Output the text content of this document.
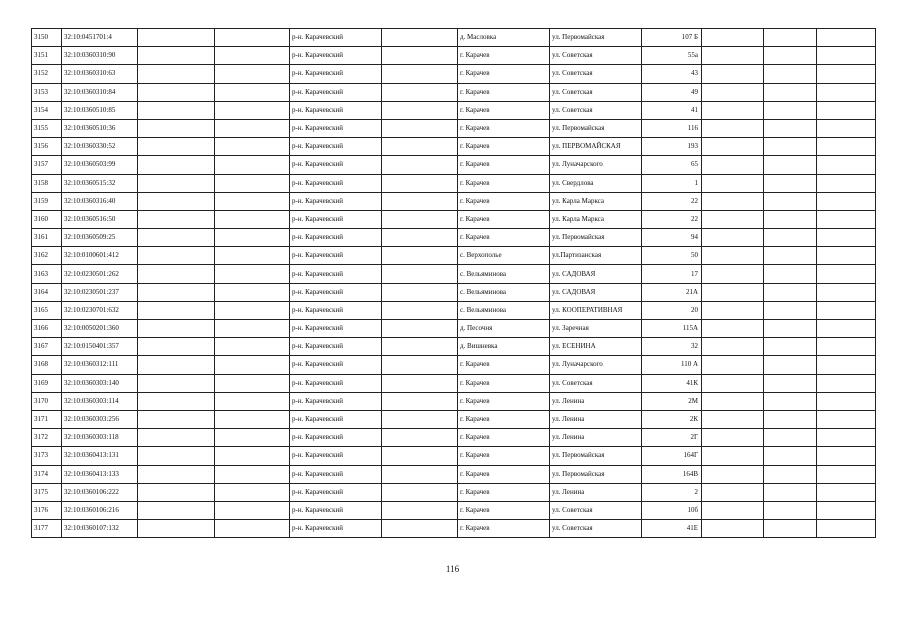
3150	32:10:0451701:4			р-н. Карачевский		д. Масловка	ул. Первомайская	107 Б			
3151	32:10:0360310:90			р-н. Карачевский		г. Карачев	ул. Советская	55а			
3152	32:10:0360310:63			р-н. Карачевский		г. Карачев	ул. Советская	43			
3153	32:10:0360310:84			р-н. Карачевский		г. Карачев	ул. Советская	49			
3154	32:10:0360510:85			р-н. Карачевский		г. Карачев	ул. Советская	41			
3155	32:10:0360510:36			р-н. Карачевский		г. Карачев	ул. Первомайская	116			
3156	32:10:0360330:52			р-н. Карачевский		г. Карачев	ул. ПЕРВОМАЙСКАЯ	193			
3157	32:10:0360503:99			р-н. Карачевский		г. Карачев	ул. Луначарского	65			
3158	32:10:0360515:32			р-н. Карачевский		г. Карачев	ул. Свердлова	1			
3159	32:10:0360316:40			р-н. Карачевский		г. Карачев	ул. Карла Маркса	22			
3160	32:10:0360516:50			р-н. Карачевский		г. Карачев	ул. Карла Маркса	22			
3161	32:10:0360509:25			р-н. Карачевский		г. Карачев	ул. Первомайская	94			
3162	32:10:0100601:412			р-н. Карачевский		с. Верхополье	ул.Партизанская	50			
3163	32:10:0230501:262			р-н. Карачевский		с. Вельяминова	ул. САДОВАЯ	17			
3164	32:10:0230501:237			р-н. Карачевский		с. Вельяминова	ул. САДОВАЯ	21А			
3165	32:10:0230701:632			р-н. Карачевский		с. Вельяминова	ул. КООПЕРАТИВНАЯ	20			
3166	32:10:0050201:360			р-н. Карачевский		д. Песочня	ул. Заречная	115А			
3167	32:10:0150401:357			р-н. Карачевский		д. Вишневка	ул. ЕСЕНИНА	32			
3168	32:10:0360312:111			р-н. Карачевский		г. Карачев	ул. Луначарского	110 А			
3169	32:10:0360303:140			р-н. Карачевский		г. Карачев	ул. Советская	41К			
3170	32:10:0360303:114			р-н. Карачевский		г. Карачев	ул. Ленина	2М			
3171	32:10:0360303:256			р-н. Карачевский		г. Карачев	ул. Ленина	2К			
3172	32:10:0360303:118			р-н. Карачевский		г. Карачев	ул. Ленина	2Г			
3173	32:10:0360413:131			р-н. Карачевский		г. Карачев	ул. Первомайская	164Г			
3174	32:10:0360413:133			р-н. Карачевский		г. Карачев	ул. Первомайская	164В			
3175	32:10:0360106:222			р-н. Карачевский		г. Карачев	ул. Ленина	2			
3176	32:10:0360106:216			р-н. Карачевский		г. Карачев	ул. Советская	10б			
3177	32:10:0360107:132			р-н. Карачевский		г. Карачев	ул. Советская	41Е			
116
